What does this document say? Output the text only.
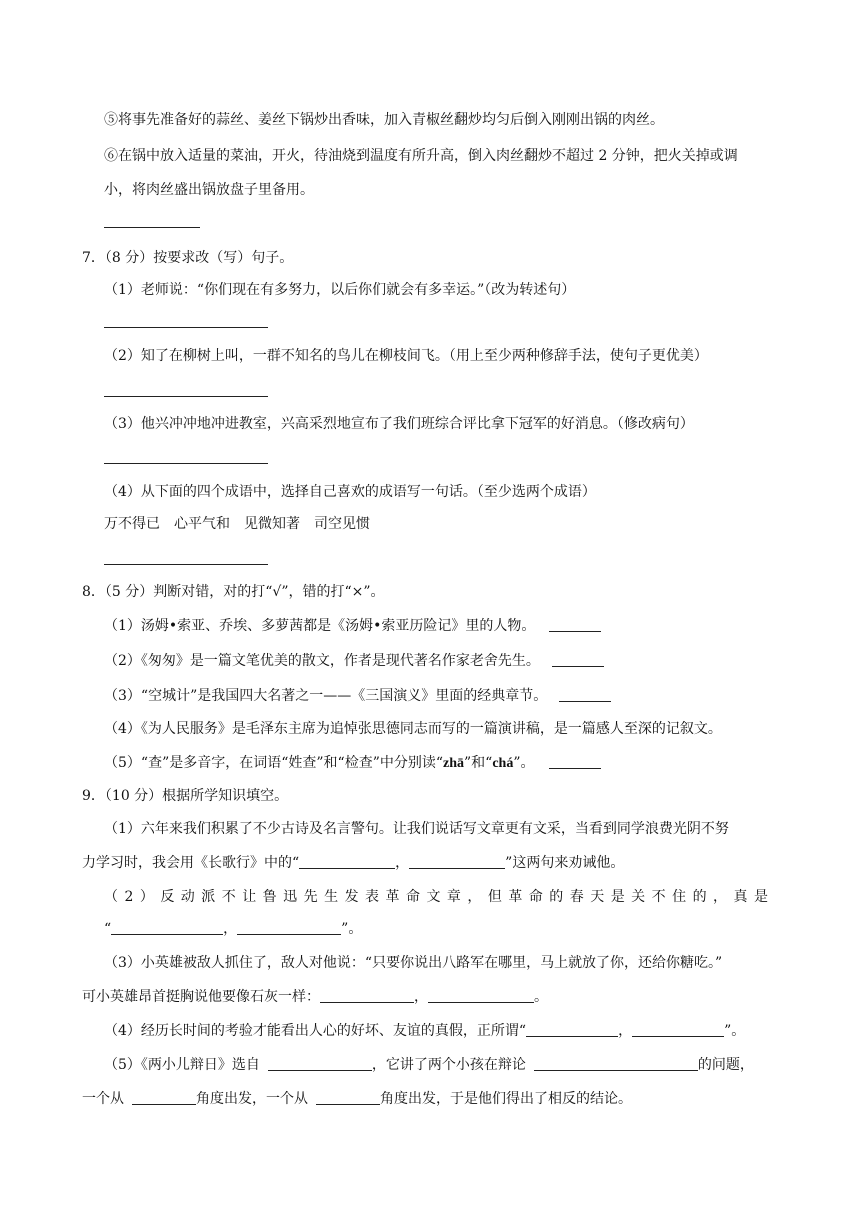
⑤将事先准备好的蒜丝、姜丝下锅炒出香味，加入青椒丝翻炒均匀后倒入刚刚出锅的肉丝。
⑥在锅中放入适量的菜油，开火，待油烧到温度有所升高，倒入肉丝翻炒不超过 2 分钟，把火关掉或调
小，将肉丝盛出锅放盘子里备用。
7．（8 分）按要求改（写）句子。
（1）老师说：“你们现在有多努力，以后你们就会有多幸运。”（改为转述句）
（2）知了在柳树上叫，一群不知名的鸟儿在柳枝间飞。（用上至少两种修辞手法，使句子更优美）
（3）他兴冲冲地冲进教室，兴高采烈地宣布了我们班综合评比拿下冠军的好消息。（修改病句）
（4）从下面的四个成语中，选择自己喜欢的成语写一句话。（至少选两个成语）
万不得已　心平气和　见微知著　司空见惯
8．（5 分）判断对错，对的打“√”，错的打“×”。
（1）汤姆•索亚、乔埃、多萝茜都是《汤姆•索亚历险记》里的人物。
（2）《匆匆》是一篇文笔优美的散文，作者是现代著名作家老舍先生。
（3）“空城计”是我国四大名著之一——《三国演义》里面的经典章节。
（4）《为人民服务》是毛泽东主席为追悼张思德同志而写的一篇演讲稿，是一篇感人至深的记叙文。
（5）“查”是多音字，在词语“姓查”和“检查”中分别读“zhā”和“chá”。
9．（10 分）根据所学知识填空。
（1）六年来我们积累了不少古诗及名言警句。让我们说话写文章更有文采，当看到同学浪费光阴不努
力学习时，我会用《长歌行》中的“	，	”这两句来劝诫他。
（2）反动派不让鲁迅先生发表革命文章，但革命的春天是关不住的，真是
“	，	”。
（3）小英雄被敌人抓住了，敌人对他说：“只要你说出八路军在哪里，马上就放了你，还给你糖吃。”
可小英雄昂首挺胸说他要像石灰一样：	，	。
（4）经历长时间的考验才能看出人心的好坏、友谊的真假，正所谓“	，	”。
（5）《两小儿辩日》选自	，它讲了两个小孩在辩论	的问题，
一个从	角度出发，一个从	角度出发，于是他们得出了相反的结论。
